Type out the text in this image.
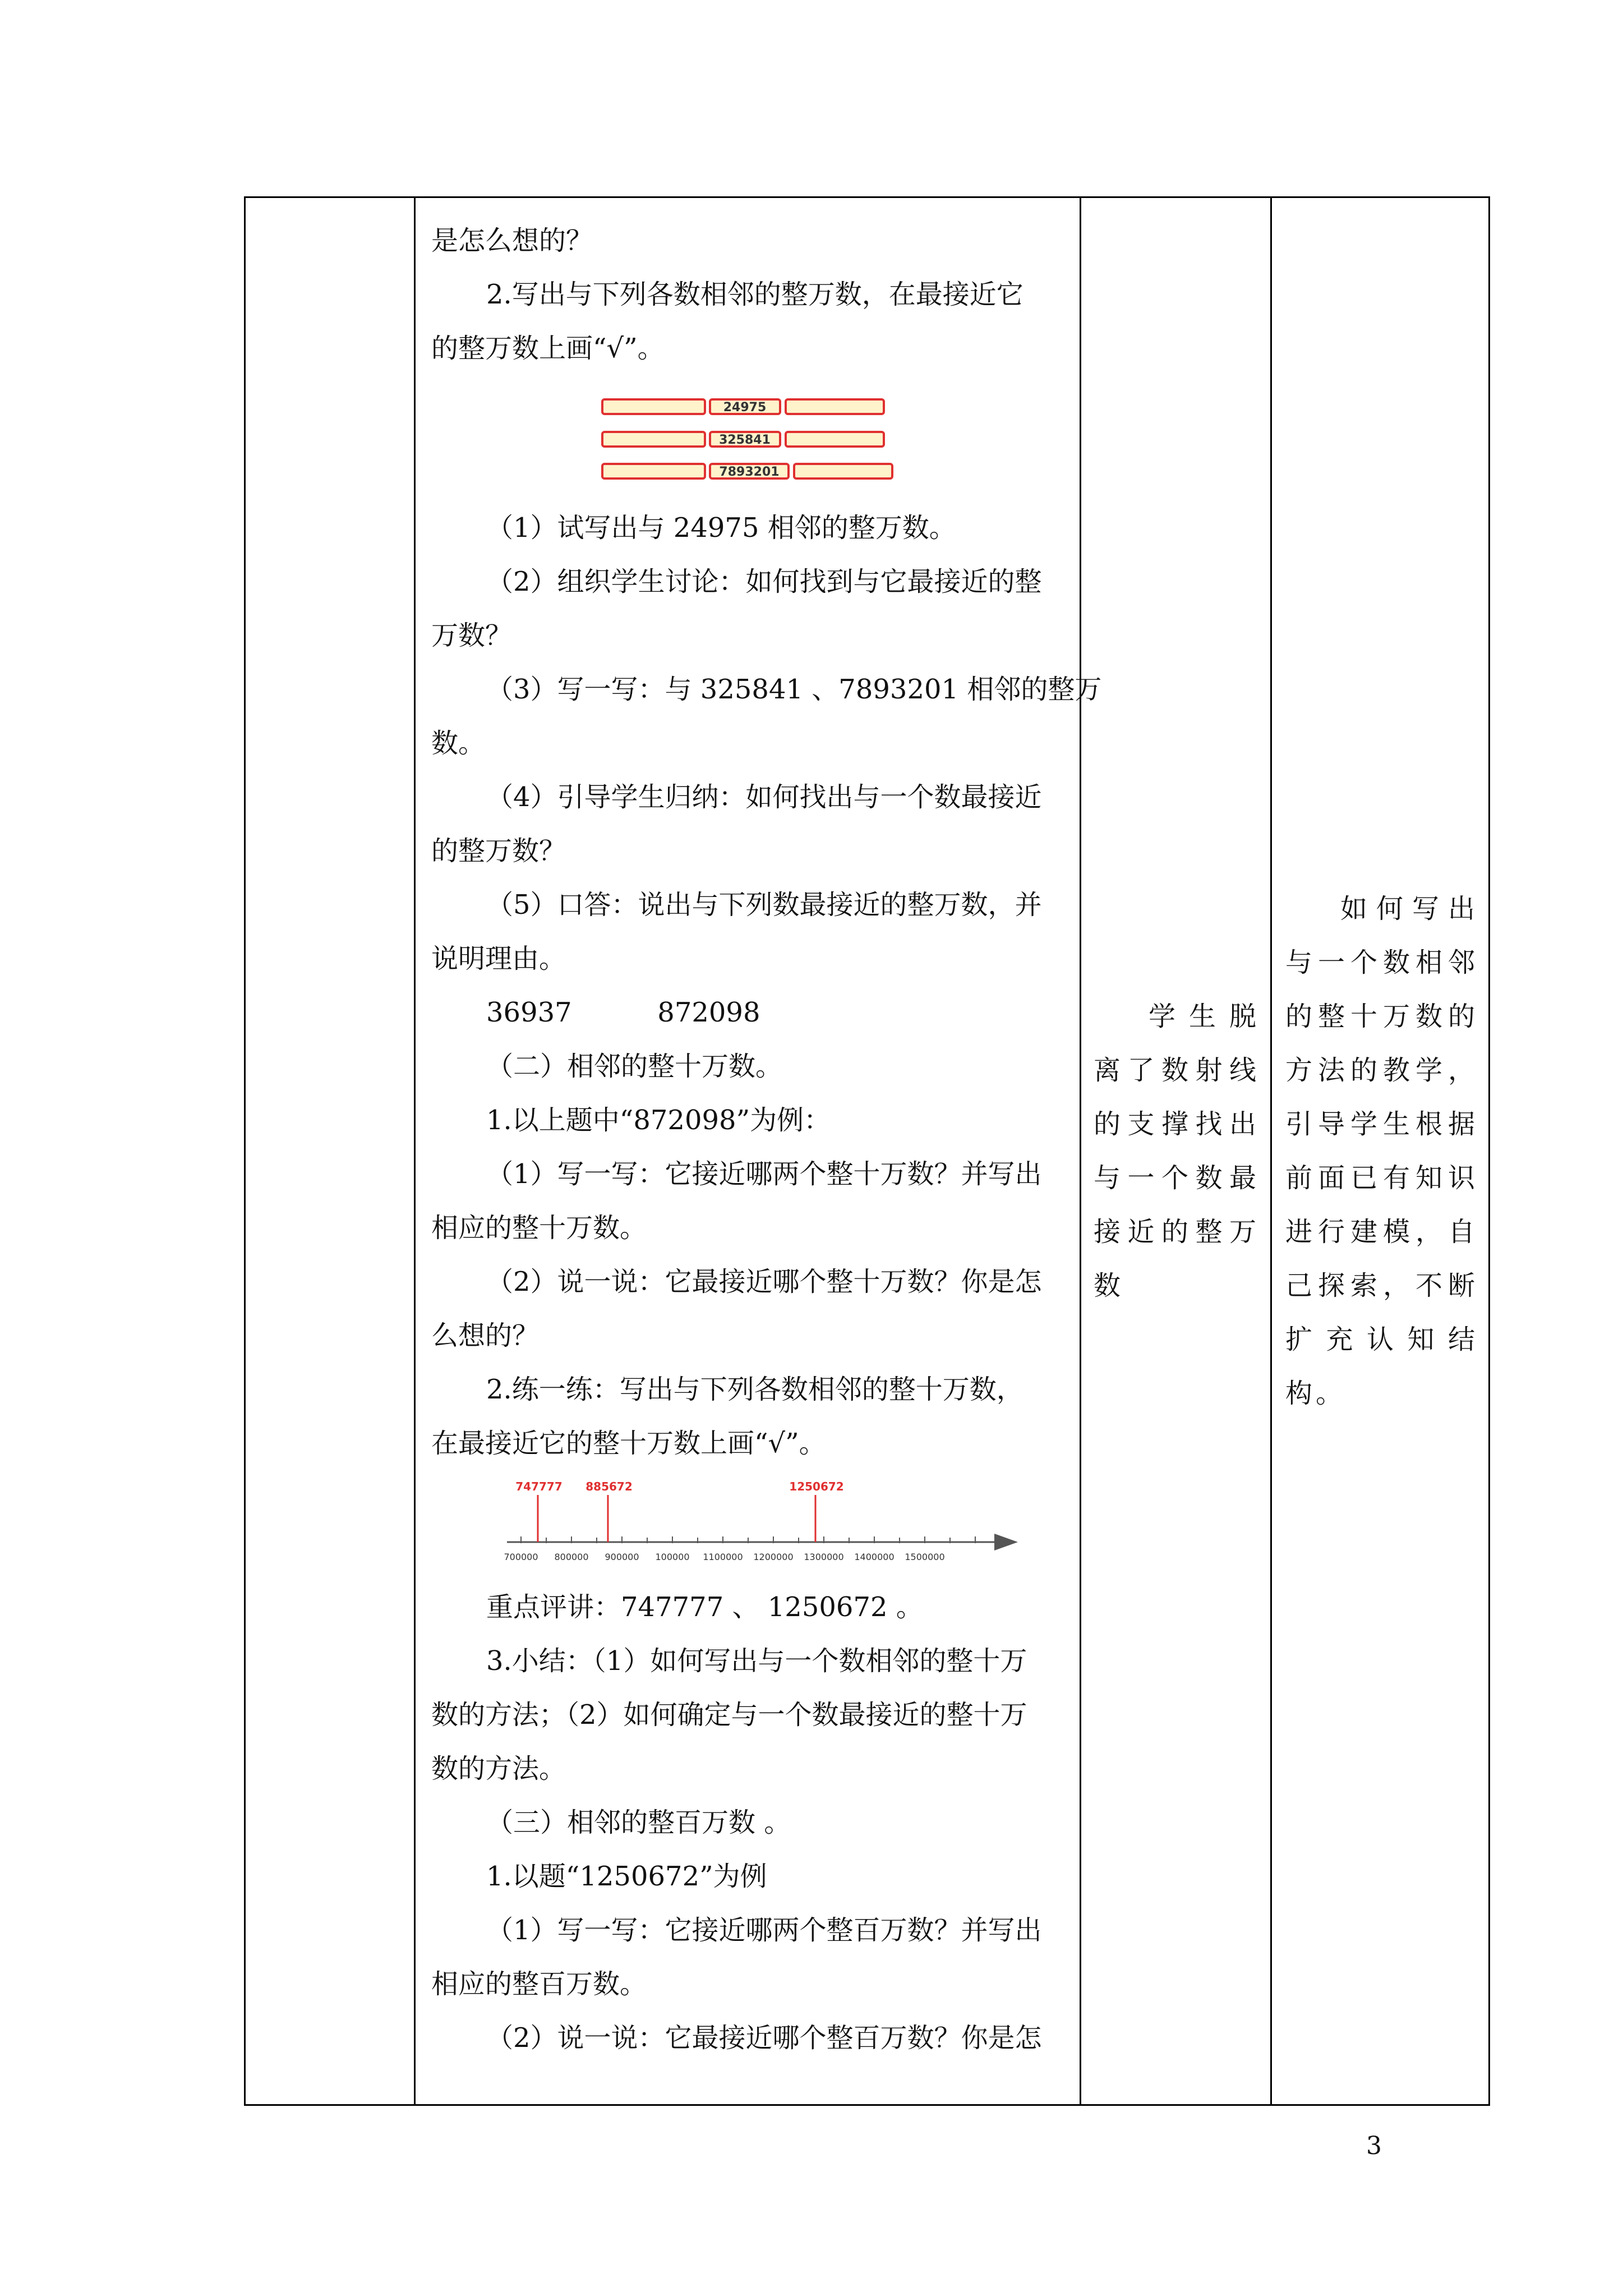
是怎么想的？

2.写出与下列各数相邻的整万数，在最接近它

的整万数上画“√”。

24975
325841
7893201

（1）试写出与 24975 相邻的整万数。

（2）组织学生讨论：如何找到与它最接近的整

万数？

（3）写一写：与 325841 、7893201 相邻的整万

数。

（4）引导学生归纳：如何找出与一个数最接近

的整万数？

（5）口答：说出与下列数最接近的整万数，并

说明理由。

36937          872098

（二）相邻的整十万数。

1.以上题中“872098”为例：

（1）写一写：它接近哪两个整十万数？并写出

相应的整十万数。

（2）说一说：它最接近哪个整十万数？你是怎

么想的？

2.练一练：写出与下列各数相邻的整十万数，

在最接近它的整十万数上画“√”。

747777 885672	1250672
700000 800000 900000 100000 1100000 1200000 1300000 1400000 1500000

重点评讲：747777 、 1250672 。

3.小结：（1）如何写出与一个数相邻的整十万

数的方法；（2）如何确定与一个数最接近的整十万

数的方法。

（三）相邻的整百万数 。

1.以题“1250672”为例

（1）写一写：它接近哪两个整百万数？并写出

相应的整百万数。

（2）说一说：它最接近哪个整百万数？你是怎

学生脱离了数射线的支撑找出与一个数最接近的整万数

如何写出与一个数相邻的整十万数的方法的教学，引导学生根据前面已有知识进行建模，自己探索，不断扩充认知结构。

3
